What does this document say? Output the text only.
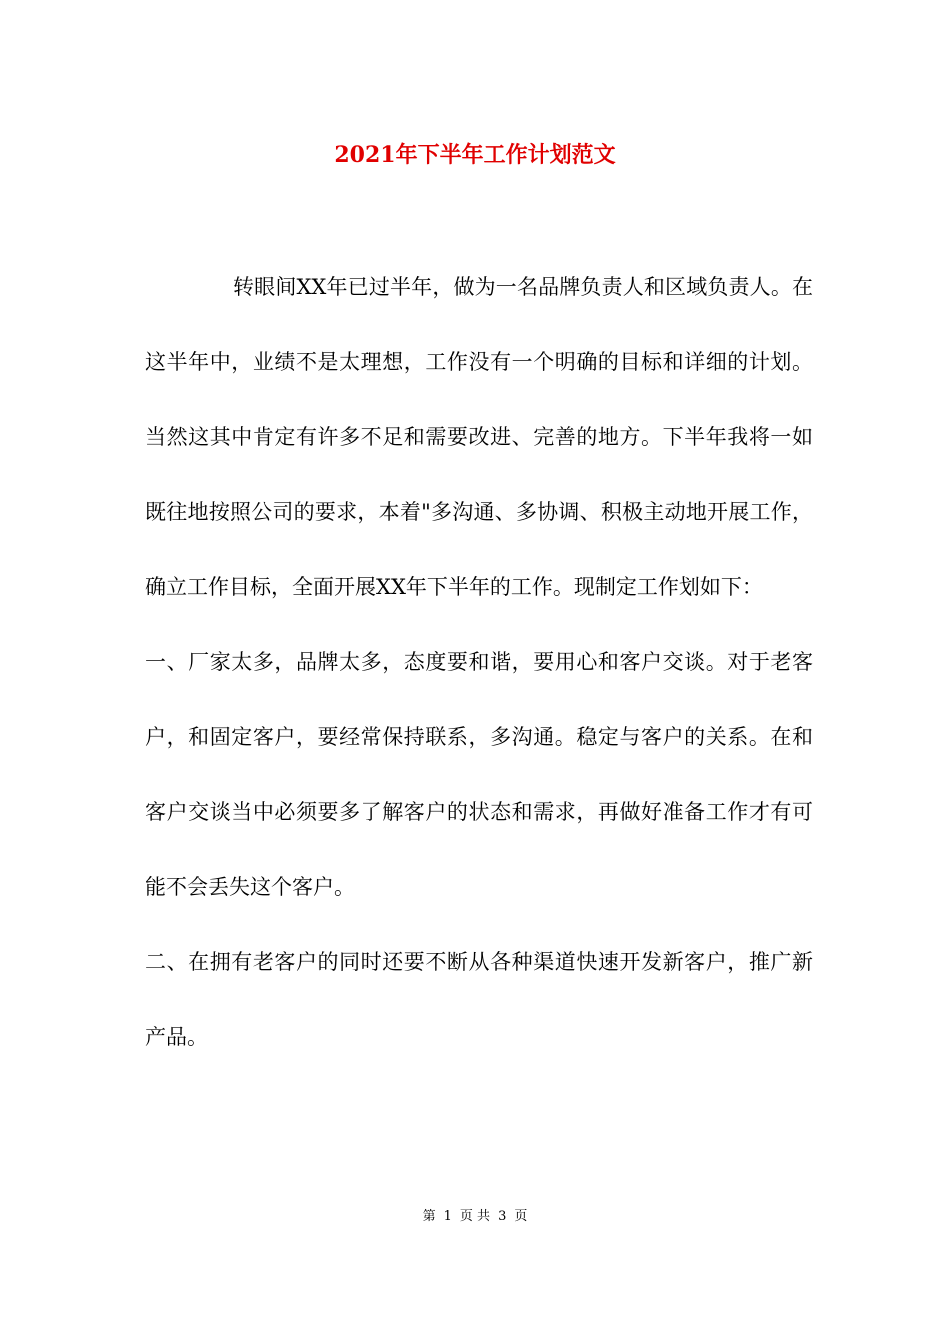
2021年下半年工作计划范文

转眼间XX年已过半年，做为一名品牌负责人和区域负责人。在这半年中，业绩不是太理想，工作没有一个明确的目标和详细的计划。当然这其中肯定有许多不足和需要改进、完善的地方。下半年我将一如既往地按照公司的要求，本着"多沟通、多协调、积极主动地开展工作，确立工作目标，全面开展XX年下半年的工作。现制定工作划如下：

一、厂家太多，品牌太多，态度要和谐，要用心和客户交谈。对于老客户，和固定客户，要经常保持联系，多沟通。稳定与客户的关系。在和客户交谈当中必须要多了解客户的状态和需求，再做好准备工作才有可能不会丢失这个客户。

二、在拥有老客户的同时还要不断从各种渠道快速开发新客户，推广新产品。

第 1 页 共 3 页
